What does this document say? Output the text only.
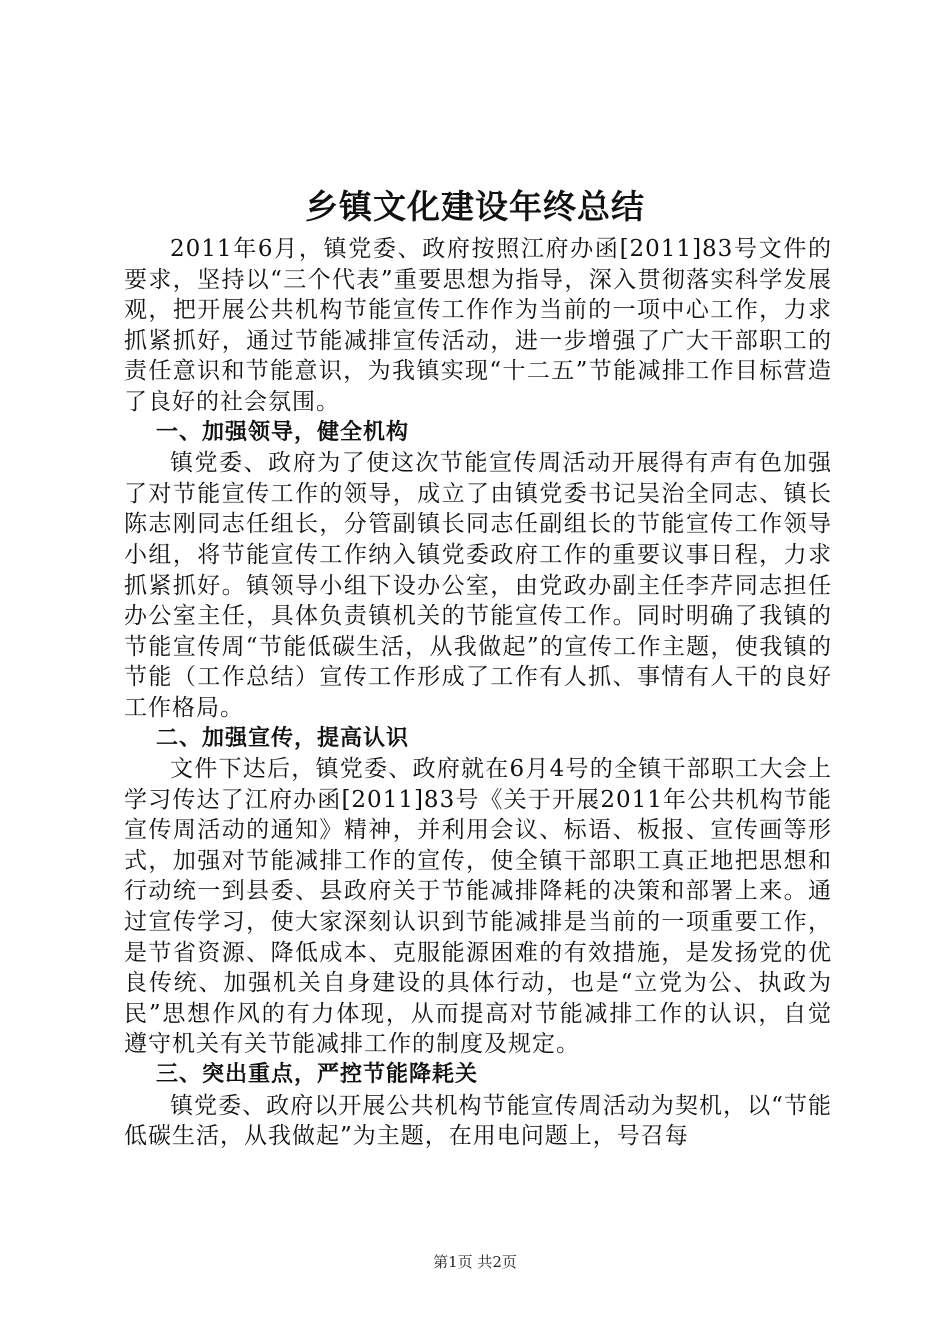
乡镇文化建设年终总结

2011年6月，镇党委、政府按照江府办函[2011]83号文件的要求，坚持以“三个代表”重要思想为指导，深入贯彻落实科学发展观，把开展公共机构节能宣传工作作为当前的一项中心工作，力求抓紧抓好，通过节能减排宣传活动，进一步增强了广大干部职工的责任意识和节能意识，为我镇实现“十二五”节能减排工作目标营造了良好的社会氛围。

一、加强领导，健全机构

镇党委、政府为了使这次节能宣传周活动开展得有声有色加强了对节能宣传工作的领导，成立了由镇党委书记吴治全同志、镇长陈志刚同志任组长，分管副镇长同志任副组长的节能宣传工作领导小组，将节能宣传工作纳入镇党委政府工作的重要议事日程，力求抓紧抓好。镇领导小组下设办公室，由党政办副主任李芹同志担任办公室主任，具体负责镇机关的节能宣传工作。同时明确了我镇的节能宣传周“节能低碳生活，从我做起”的宣传工作主题，使我镇的节能（工作总结）宣传工作形成了工作有人抓、事情有人干的良好工作格局。

二、加强宣传，提高认识

文件下达后，镇党委、政府就在6月4号的全镇干部职工大会上学习传达了江府办函[2011]83号《关于开展2011年公共机构节能宣传周活动的通知》精神，并利用会议、标语、板报、宣传画等形式，加强对节能减排工作的宣传，使全镇干部职工真正地把思想和行动统一到县委、县政府关于节能减排降耗的决策和部署上来。通过宣传学习，使大家深刻认识到节能减排是当前的一项重要工作，是节省资源、降低成本、克服能源困难的有效措施，是发扬党的优良传统、加强机关自身建设的具体行动，也是“立党为公、执政为民”思想作风的有力体现，从而提高对节能减排工作的认识，自觉遵守机关有关节能减排工作的制度及规定。

三、突出重点，严控节能降耗关

镇党委、政府以开展公共机构节能宣传周活动为契机，以“节能低碳生活，从我做起”为主题，在用电问题上，号召每

第1页 共2页
